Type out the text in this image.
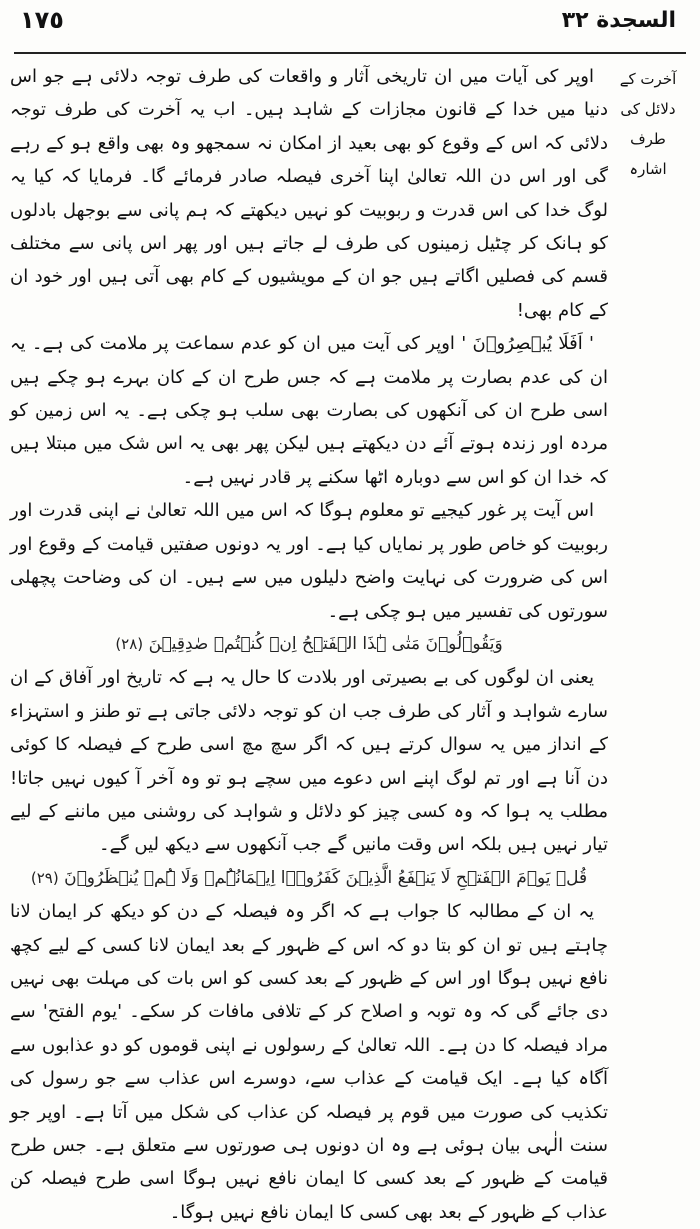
١٧٥	السجدة ٣٢
آخرت کے
دلائل کی طرف
اشارہ

اوپر کی آیات میں ان تاریخی آثار و واقعات کی طرف توجہ دلائی ہے جو اس دنیا میں خدا کے قانون مجازات کے شاہد ہیں۔ اب یہ آخرت کی طرف توجہ دلائی کہ اس کے وقوع کو بھی بعید از امکان نہ سمجھو وہ بھی واقع ہو کے رہے گی اور اس دن اللہ تعالیٰ اپنا آخری فیصلہ صادر فرمائے گا۔ فرمایا کہ کیا یہ لوگ خدا کی اس قدرت و ربوبیت کو نہیں دیکھتے کہ ہم پانی سے بوجھل بادلوں کو ہانک کر چٹیل زمینوں کی طرف لے جاتے ہیں اور پھر اس پانی سے مختلف قسم کی فصلیں اگاتے ہیں جو ان کے مویشیوں کے کام بھی آتی ہیں اور خود ان کے کام بھی!

' اَفَلَا یُبۡصِرُوۡنَ ' اوپر کی آیت میں ان کو عدم سماعت پر ملامت کی ہے۔ یہ ان کی عدم بصارت پر ملامت ہے کہ جس طرح ان کے کان بہرے ہو چکے ہیں اسی طرح ان کی آنکھوں کی بصارت بھی سلب ہو چکی ہے۔ یہ اس زمین کو مردہ اور زندہ ہوتے آئے دن دیکھتے ہیں لیکن پھر بھی یہ اس شک میں مبتلا ہیں کہ خدا ان کو اس سے دوبارہ اٹھا سکنے پر قادر نہیں ہے۔

اس آیت پر غور کیجیے تو معلوم ہوگا کہ اس میں اللہ تعالیٰ نے اپنی قدرت اور ربوبیت کو خاص طور پر نمایاں کیا ہے۔ اور یہ دونوں صفتیں قیامت کے وقوع اور اس کی ضرورت کی نہایت واضح دلیلوں میں سے ہیں۔ ان کی وضاحت پچھلی سورتوں کی تفسیر میں ہو چکی ہے۔

وَیَقُوۡلُوۡنَ مَتٰی ہٰذَا الۡفَتۡحُ اِنۡ کُنۡتُمۡ صٰدِقِیۡنَ (٢٨)

یعنی ان لوگوں کی بے بصیرتی اور بلادت کا حال یہ ہے کہ تاریخ اور آفاق کے ان سارے شواہد و آثار کی طرف جب ان کو توجہ دلائی جاتی ہے تو طنز و استہزاء کے انداز میں یہ سوال کرتے ہیں کہ اگر سچ مچ اسی طرح کے فیصلہ کا کوئی دن آنا ہے اور تم لوگ اپنے اس دعوے میں سچے ہو تو وہ آخر آ کیوں نہیں جاتا! مطلب یہ ہوا کہ وہ کسی چیز کو دلائل و شواہد کی روشنی میں ماننے کے لیے تیار نہیں ہیں بلکہ اس وقت مانیں گے جب آنکھوں سے دیکھ لیں گے۔

قُلۡ یَوۡمَ الۡفَتۡحِ لَا یَنۡفَعُ الَّذِیۡنَ کَفَرُوۡۤا اِیۡمَانُہُمۡ وَلَا ہُمۡ یُنۡظَرُوۡنَ (٢٩)

یہ ان کے مطالبہ کا جواب ہے کہ اگر وہ فیصلہ کے دن کو دیکھ کر ایمان لانا چاہتے ہیں تو ان کو بتا دو کہ اس کے ظہور کے بعد ایمان لانا کسی کے لیے کچھ نافع نہیں ہوگا اور اس کے ظہور کے بعد کسی کو اس بات کی مہلت بھی نہیں دی جائے گی کہ وہ توبہ و اصلاح کر کے تلافی مافات کر سکے۔ 'یوم الفتح' سے مراد فیصلہ کا دن ہے۔ اللہ تعالیٰ کے رسولوں نے اپنی قوموں کو دو عذابوں سے آگاہ کیا ہے۔ ایک قیامت کے عذاب سے، دوسرے اس عذاب سے جو رسول کی تکذیب کی صورت میں قوم پر فیصلہ کن عذاب کی شکل میں آتا ہے۔ اوپر جو سنت الٰہی بیان ہوئی ہے وہ ان دونوں ہی صورتوں سے متعلق ہے۔ جس طرح قیامت کے ظہور کے بعد کسی کا ایمان نافع نہیں ہوگا اسی طرح فیصلہ کن عذاب کے ظہور کے بعد بھی کسی کا ایمان نافع نہیں ہوگا۔
